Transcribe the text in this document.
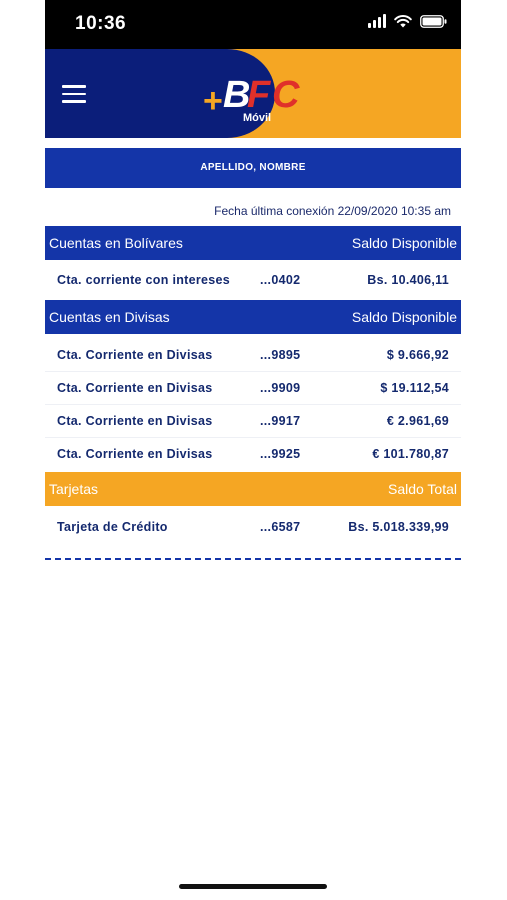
10:36
+ B
F C
Móvil
APELLIDO, NOMBRE
Fecha última conexión 22/09/2020 10:35 am
Cuentas en Bolívares	Saldo Disponible
Cta. corriente con intereses	...0402	Bs. 10.406,11
Cuentas en Divisas	Saldo Disponible
Cta. Corriente en Divisas	...9895	$ 9.666,92
Cta. Corriente en Divisas	...9909	$ 19.112,54
Cta. Corriente en Divisas	...9917	€ 2.961,69
Cta. Corriente en Divisas	...9925	€ 101.780,87
Tarjetas	Saldo Total
Tarjeta de Crédito	...6587	Bs. 5.018.339,99
